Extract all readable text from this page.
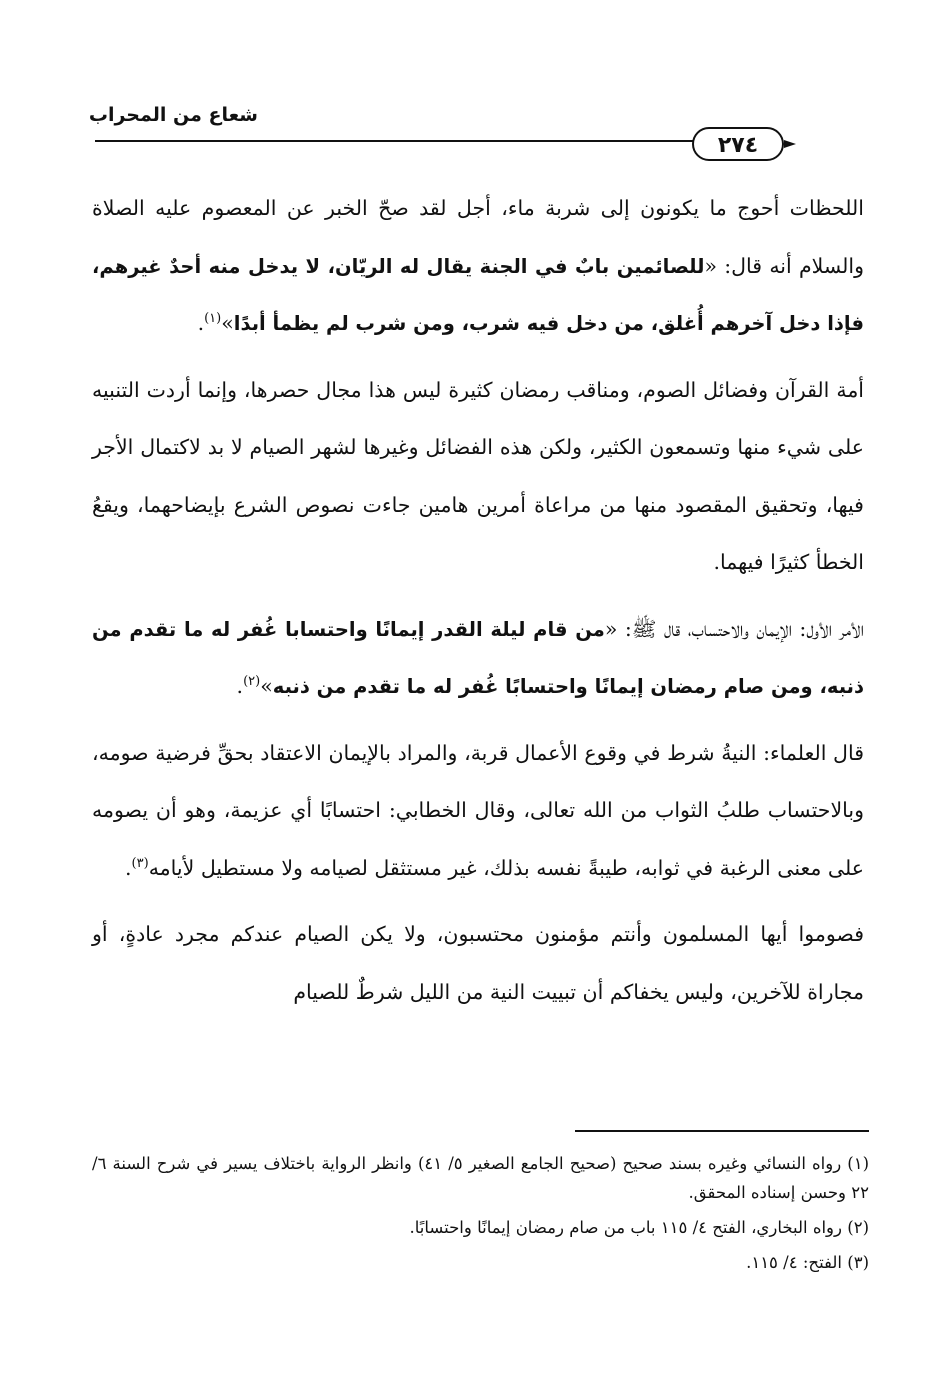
شعاع من المحراب
٢٧٤

اللحظات أحوج ما يكونون إلى شربة ماء، أجل لقد صحّ الخبر عن المعصوم عليه الصلاة والسلام أنه قال: «للصائمين بابٌ في الجنة يقال له الريّان، لا يدخل منه أحدٌ غيرهم، فإذا دخل آخرهم أُغلق، من دخل فيه شرب، ومن شرب لم يظمأ أبدًا»$^{(١)}$.

أمة القرآن وفضائل الصوم، ومناقب رمضان كثيرة ليس هذا مجال حصرها، وإنما أردت التنبيه على شيء منها وتسمعون الكثير، ولكن هذه الفضائل وغيرها لشهر الصيام لا بد لاكتمال الأجر فيها، وتحقيق المقصود منها من مراعاة أمرين هامين جاءت نصوص الشرع بإيضاحهما، ويقعُ الخطأ كثيرًا فيهما.

الأمر الأول: الإيمان والاحتساب، قال ﷺ: «من قام ليلة القدر إيمانًا واحتسابا غُفر له ما تقدم من ذنبه، ومن صام رمضان إيمانًا واحتسابًا غُفر له ما تقدم من ذنبه»$^{(٢)}$.

قال العلماء: النيةُ شرط في وقوع الأعمال قربة، والمراد بالإيمان الاعتقاد بحقِّ فرضية صومه، وبالاحتساب طلبُ الثواب من الله تعالى، وقال الخطابي: احتسابًا أي عزيمة، وهو أن يصومه على معنى الرغبة في ثوابه، طيبةً نفسه بذلك، غير مستثقل لصيامه ولا مستطيل لأيامه$^{(٣)}$.

فصوموا أيها المسلمون وأنتم مؤمنون محتسبون، ولا يكن الصيام عندكم مجرد عادةٍ، أو مجاراة للآخرين، وليس يخفاكم أن تبييت النية من الليل شرطٌ للصيام

(١) رواه النسائي وغيره بسند صحيح (صحيح الجامع الصغير ٥/ ٤١) وانظر الرواية باختلاف يسير في شرح السنة ٦/ ٢٢ وحسن إسناده المحقق.

(٢) رواه البخاري، الفتح ٤/ ١١٥ باب من صام رمضان إيمانًا واحتسابًا.

(٣) الفتح: ٤/ ١١٥.
